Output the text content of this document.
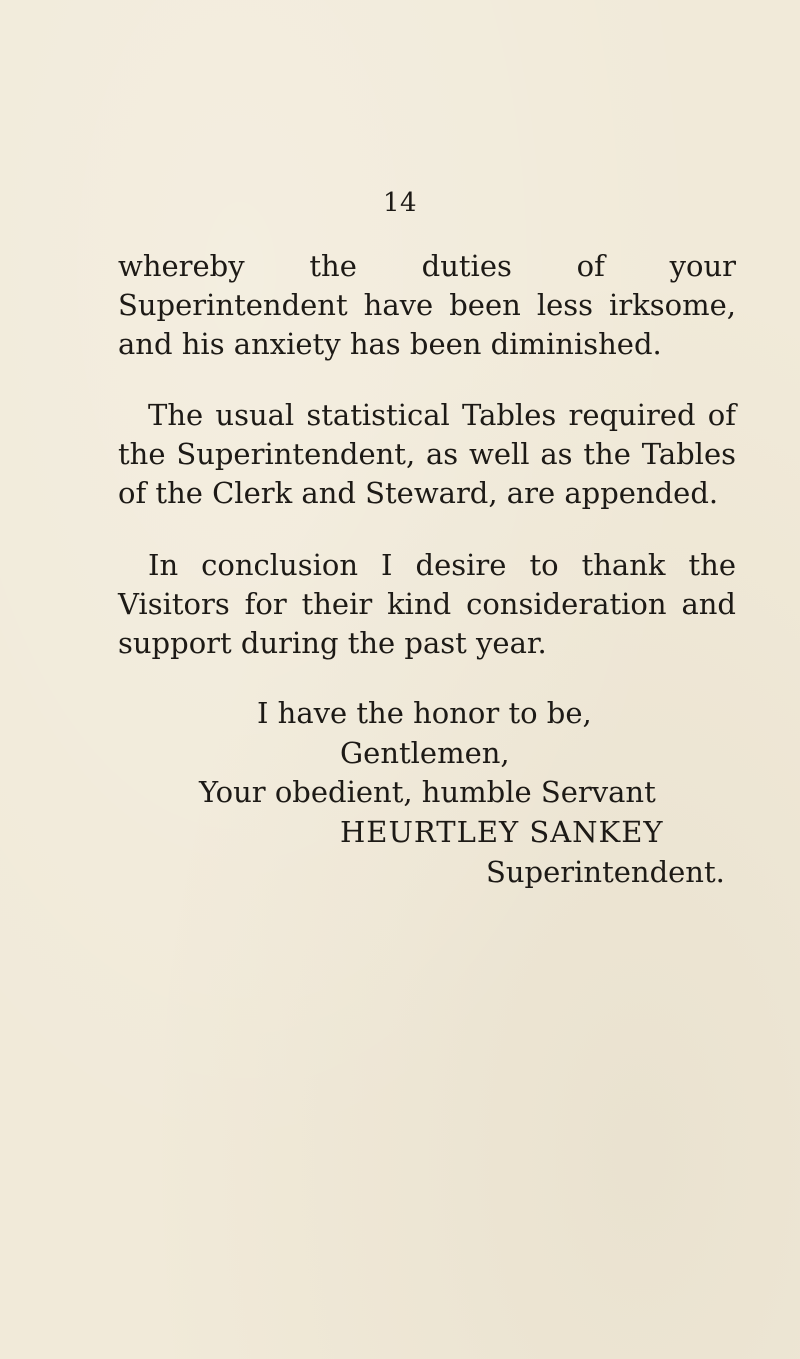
14

whereby the duties of your Superintendent have been less irksome, and his anxiety has been diminished.

The usual statistical Tables required of the Superintendent, as well as the Tables of the Clerk and Steward, are appended.

In conclusion I desire to thank the Visitors for their kind consideration and support during the past year.

I have the honor to be,

Gentlemen,

Your obedient, humble Servant

HEURTLEY SANKEY

Superintendent.
